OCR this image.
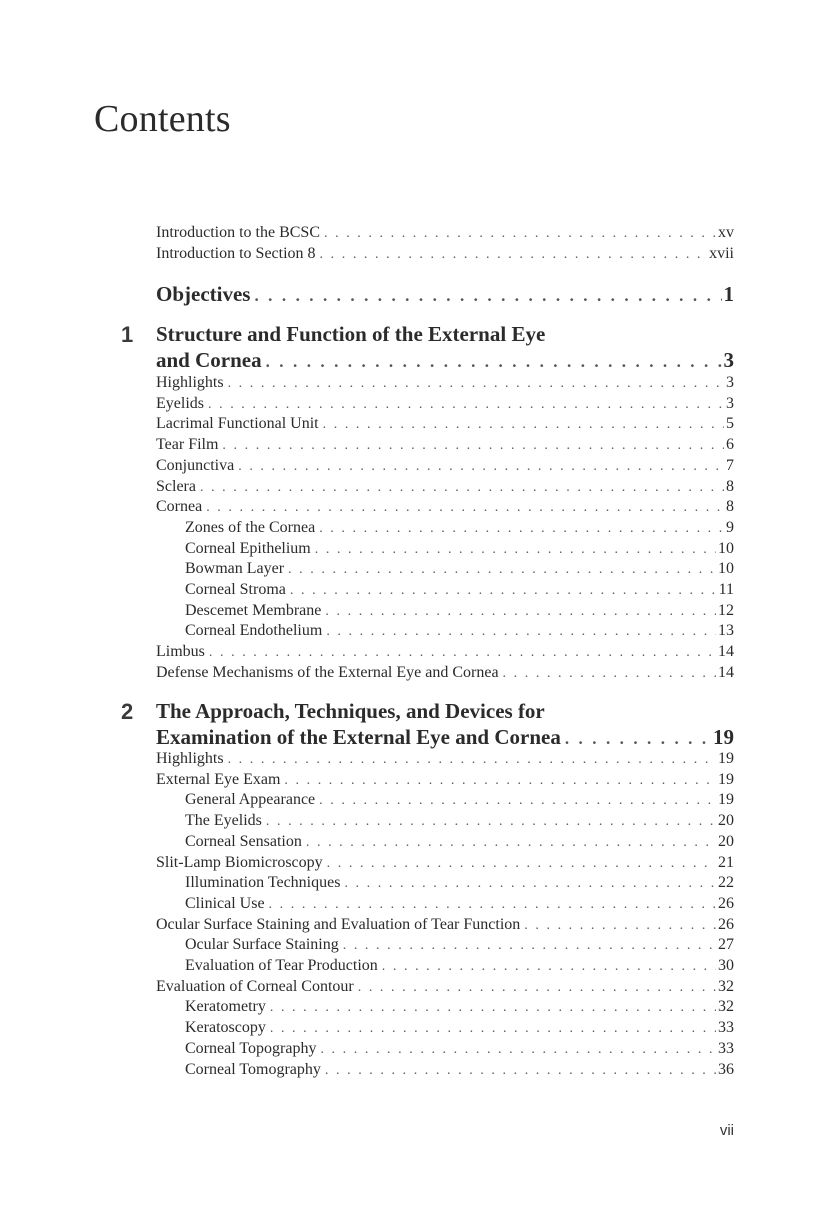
Contents
Introduction to the BCSC . . .	xv
Introduction to Section 8 . . .	xvii
Objectives . . .	1
1	Structure and Function of the External Eye
and Cornea . . .	3
Highlights . . .	3
Eyelids . . .	3
Lacrimal Functional Unit . . .	5
Tear Film . . .	6
Conjunctiva . . .	7
Sclera . . .	8
Cornea . . .	8
Zones of the Cornea . . .	9
Corneal Epithelium . . .	10
Bowman Layer . . .	10
Corneal Stroma . . .	11
Descemet Membrane . . .	12
Corneal Endothelium . . .	13
Limbus . . .	14
Defense Mechanisms of the External Eye and Cornea . . .	14
2	The Approach, Techniques, and Devices for
Examination of the External Eye and Cornea . . .	19
Highlights . . .	19
External Eye Exam . . .	19
General Appearance . . .	19
The Eyelids . . .	20
Corneal Sensation . . .	20
Slit-Lamp Biomicroscopy . . .	21
Illumination Techniques . . .	22
Clinical Use . . .	26
Ocular Surface Staining and Evaluation of Tear Function . . .	26
Ocular Surface Staining . . .	27
Evaluation of Tear Production . . .	30
Evaluation of Corneal Contour . . .	32
Keratometry . . .	32
Keratoscopy . . .	33
Corneal Topography . . .	33
Corneal Tomography . . .	36
vii
